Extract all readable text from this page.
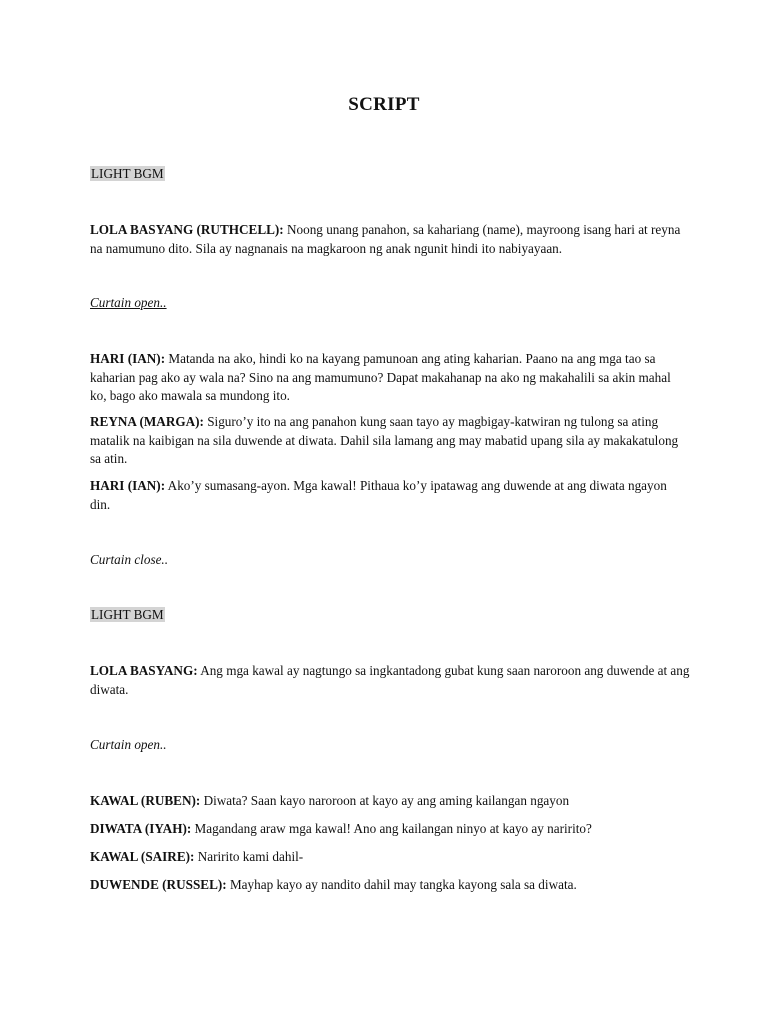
SCRIPT
LIGHT BGM
LOLA BASYANG (RUTHCELL): Noong unang panahon, sa kahariang (name), mayroong isang hari at reyna na namumuno dito. Sila ay nagnanais na magkaroon ng anak ngunit hindi ito nabiyayaan.
Curtain open..
HARI (IAN): Matanda na ako, hindi ko na kayang pamunoan ang ating kaharian. Paano na ang mga tao sa kaharian pag ako ay wala na? Sino na ang mamumuno? Dapat makahanap na ako ng makahalili sa akin mahal ko, bago ako mawala sa mundong ito.
REYNA (MARGA): Siguro’y ito na ang panahon kung saan tayo ay magbigay-katwiran ng tulong sa ating matalik na kaibigan na sila duwende at diwata. Dahil sila lamang ang may mabatid upang sila ay makakatulong sa atin.
HARI (IAN): Ako’y sumasang-ayon. Mga kawal! Pithaua ko’y ipatawag ang duwende at ang diwata ngayon din.
Curtain close..
LIGHT BGM
LOLA BASYANG: Ang mga kawal ay nagtungo sa ingkantadong gubat kung saan naroroon ang duwende at ang diwata.
Curtain open..
KAWAL (RUBEN): Diwata? Saan kayo naroroon at kayo ay ang aming kailangan ngayon
DIWATA (IYAH): Magandang araw mga kawal! Ano ang kailangan ninyo at kayo ay naririto?
KAWAL (SAIRE): Naririto kami dahil-
DUWENDE (RUSSEL): Mayhap kayo ay nandito dahil may tangka kayong sala sa diwata.
